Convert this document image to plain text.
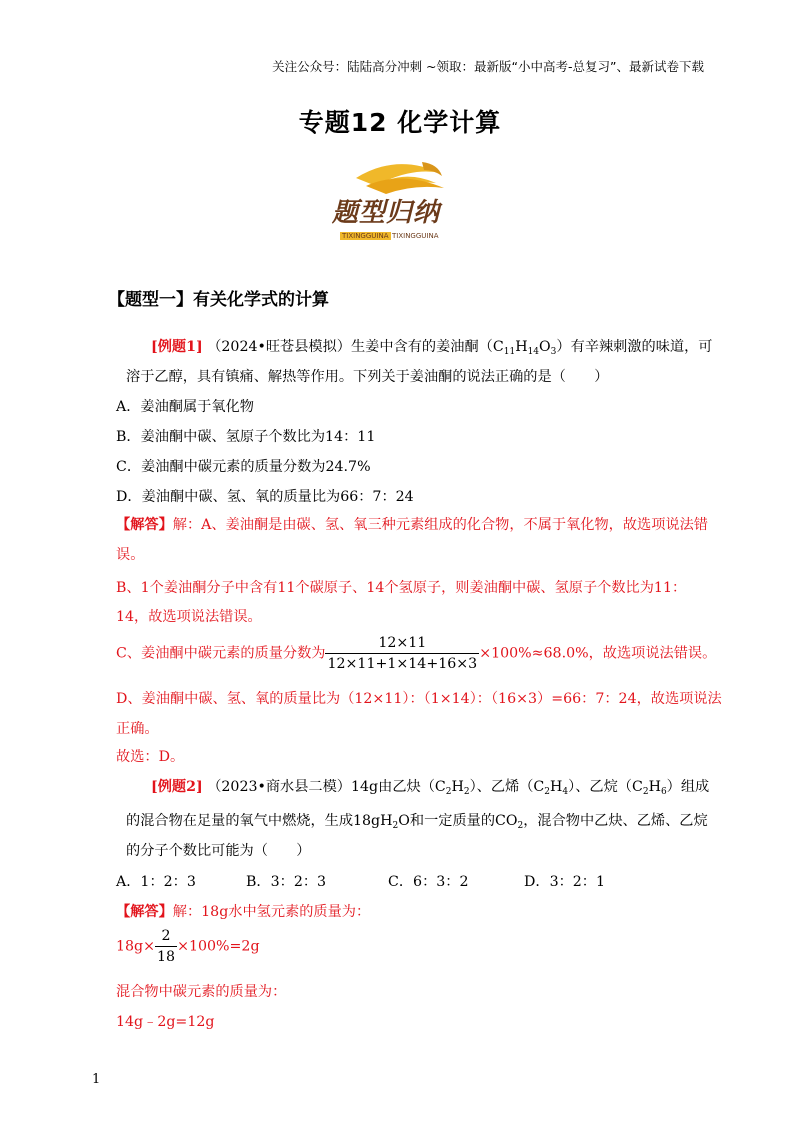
关注公众号：陆陆高分冲刺 ~领取：最新版“小中高考-总复习”、最新试卷下载
专题12 化学计算
题型归纳
TIXINGGUINA TIXINGGUINA
【题型一】有关化学式的计算
[例题1] （2024•旺苍县模拟）生姜中含有的姜油酮$(C_{11}H_{14}O_3)$有辛辣刺激的味道，可
溶于乙醇，具有镇痛、解热等作用。下列关于姜油酮的说法正确的是（　　）
A．姜油酮属于氧化物
B．姜油酮中碳、氢原子个数比为14：11
C．姜油酮中碳元素的质量分数为24.7%
D．姜油酮中碳、氢、氧的质量比为66：7：24
【解答】解：A、姜油酮是由碳、氢、氧三种元素组成的化合物，不属于氧化物，故选项说法错
误。
B、1个姜油酮分子中含有11个碳原子、14个氢原子，则姜油酮中碳、氢原子个数比为11：
14，故选项说法错误。
C、姜油酮中碳元素的质量分数为 $\frac{12\times 11}{12\times 11+1\times 14+16\times 3} \times 100\%\approx 68.0\%$，故选项说法错误。
D、姜油酮中碳、氢、氧的质量比为（12×11）：（1×14）：（16×3）=66：7：24，故选项说法
正确。
故选：D。
[例题2] （2023•商水县二模）14g由乙炔$(C_2H_2)$、乙烯$(C_2H_4)$、乙烷$(C_2H_6)$组成
的混合物在足量的氧气中燃烧，生成$18gH_2O$和一定质量的$CO_2$，混合物中乙炔、乙烯、乙烷
的分子个数比可能为（　　）
A．1：2：3	B．3：2：3	C．6：3：2	D．3：2：1
【解答】解：18g水中氢元素的质量为：
$18g\times \frac{2}{18} \times 100\%=2g$
混合物中碳元素的质量为：
14g﹣2g=12g
1
